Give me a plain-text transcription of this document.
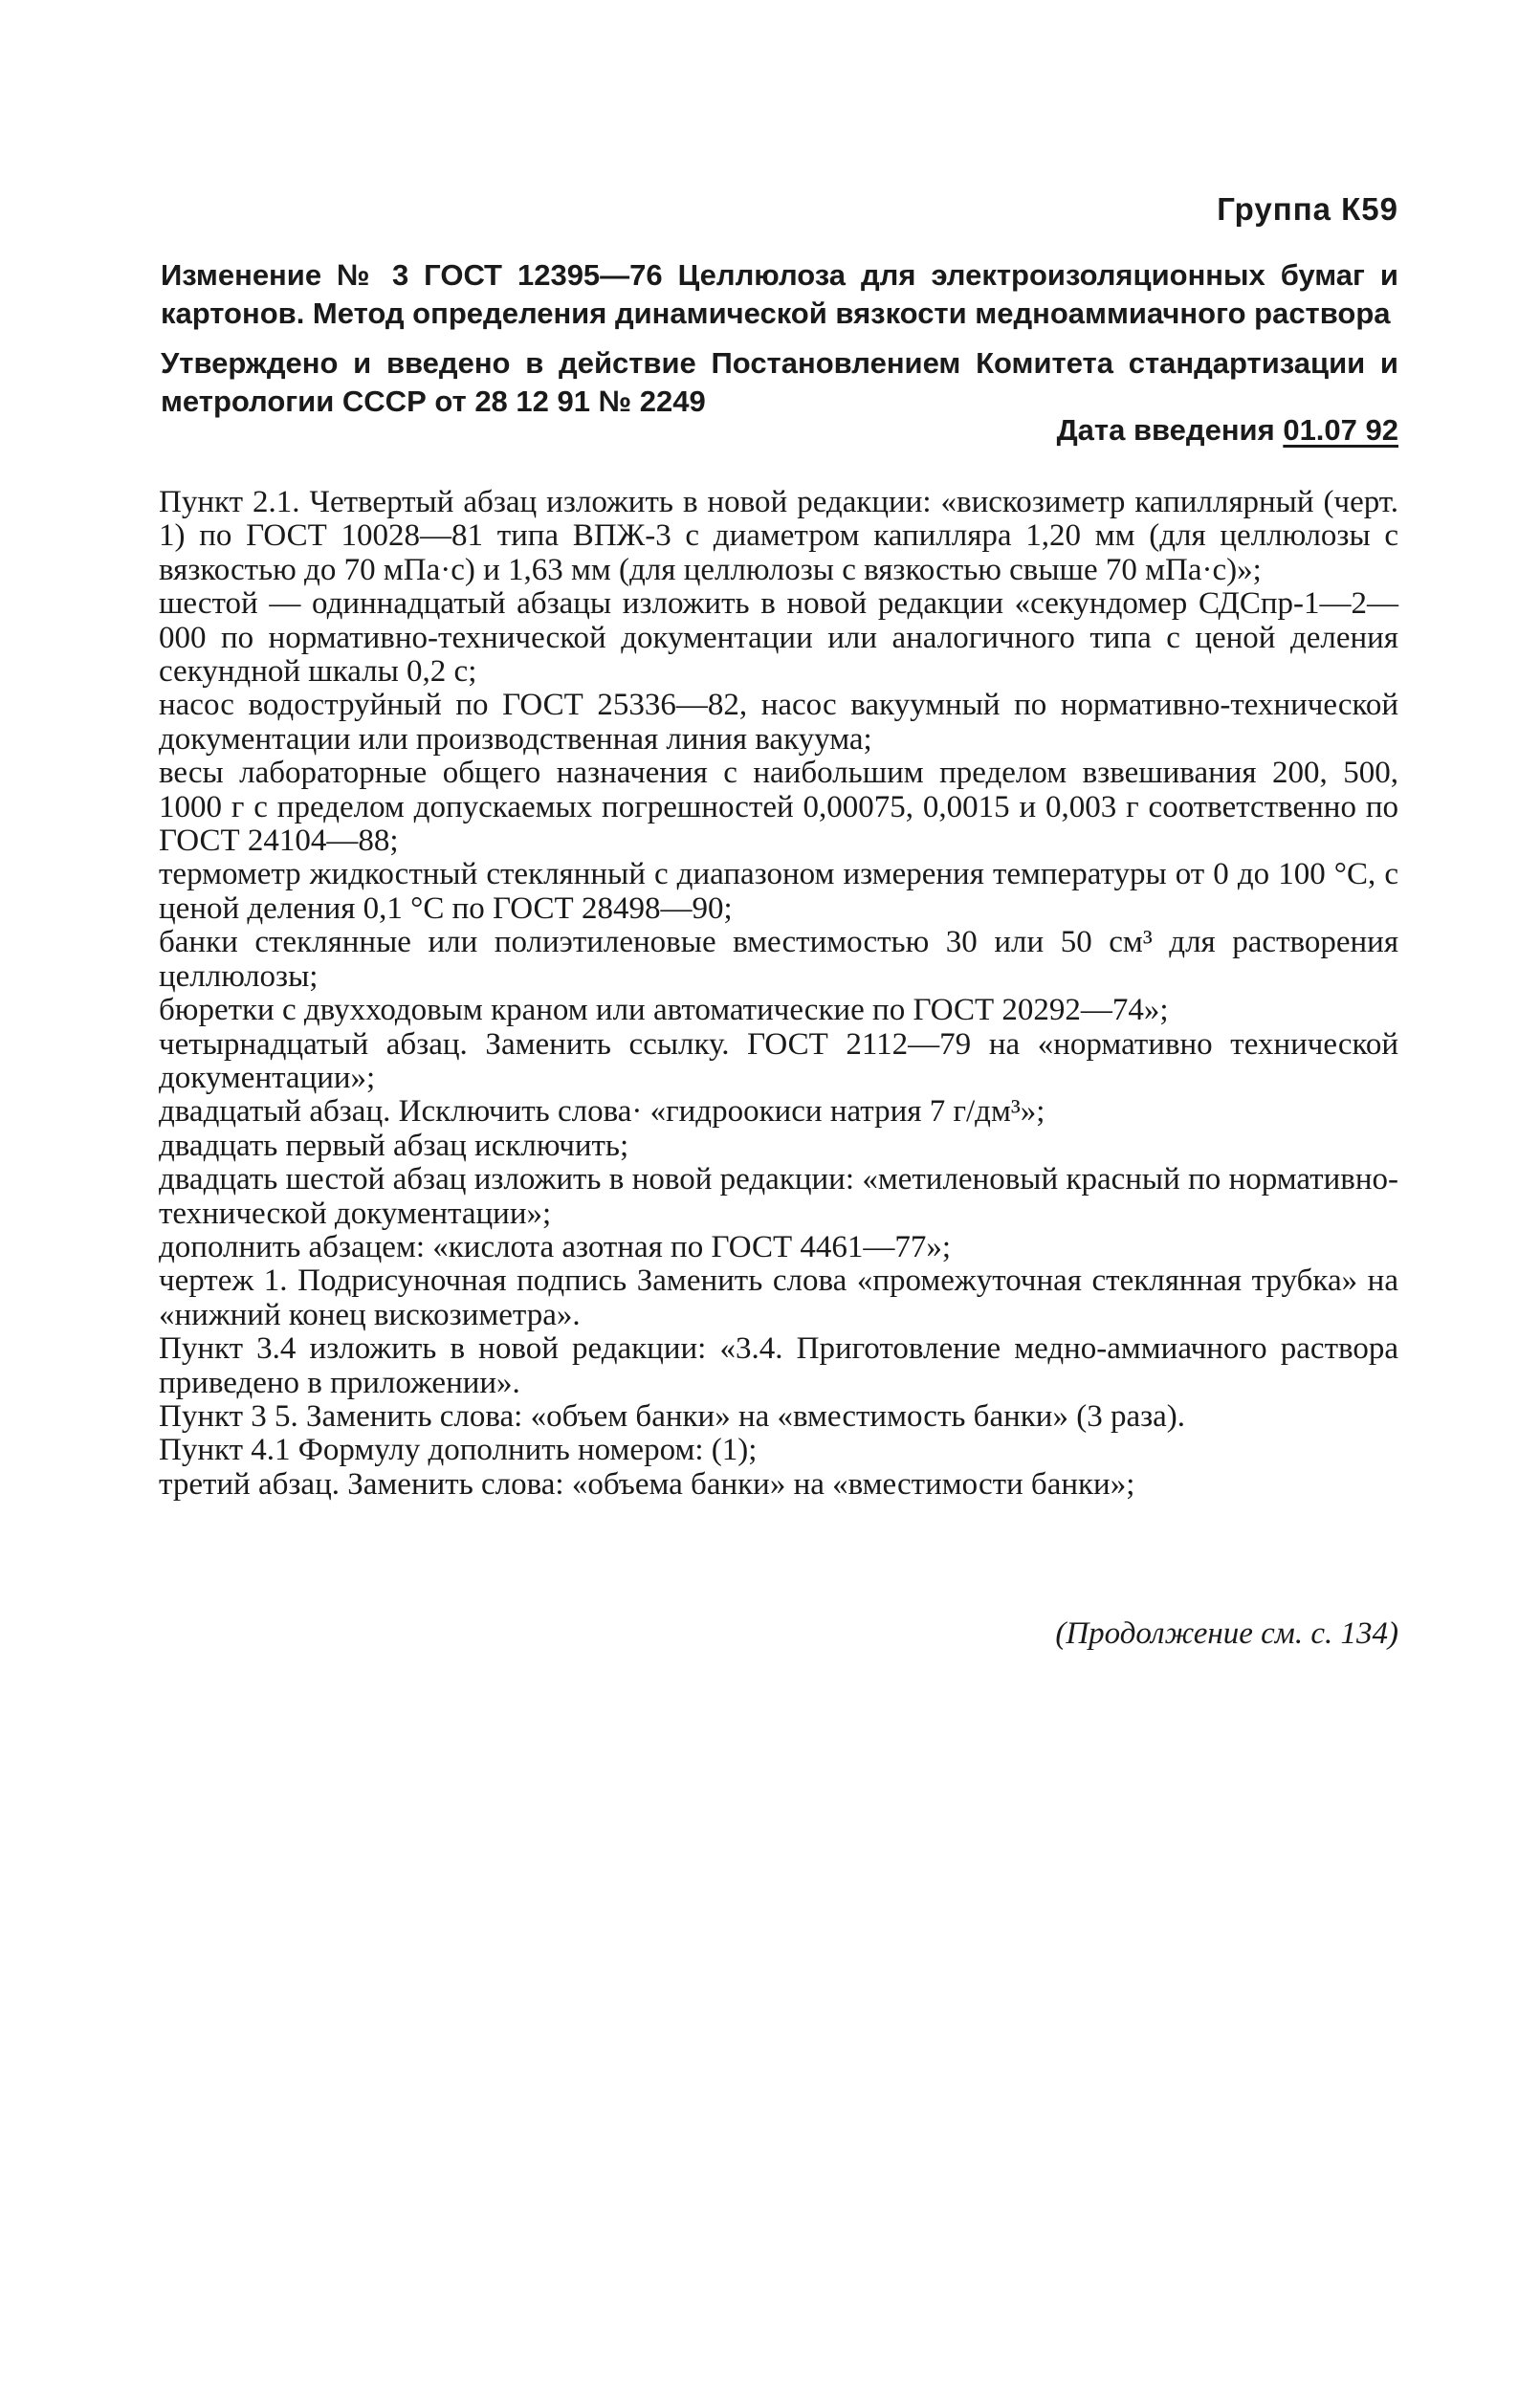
Группа К59
Изменение № 3 ГОСТ 12395—76 Целлюлоза для электроизоляционных бумаг и картонов. Метод определения динамической вязкости медноаммиачного раствора
Утверждено и введено в действие Постановлением Комитета стандартизации и метрологии СССР от 28 12 91 № 2249
Дата введения 01.07 92

Пункт 2.1. Четвертый абзац изложить в новой редакции: «вискозиметр капиллярный (черт. 1) по ГОСТ 10028—81 типа ВПЖ-3 с диаметром капилляра 1,20 мм (для целлюлозы с вязкостью до 70 мПа·с) и 1,63 мм (для целлюлозы с вязкостью свыше 70 мПа·с)»;

шестой — одиннадцатый абзацы изложить в новой редакции «секундомер СДСпр-1—2—000 по нормативно-технической документации или аналогичного типа с ценой деления секундной шкалы 0,2 с;

насос водоструйный по ГОСТ 25336—82, насос вакуумный по нормативно-технической документации или производственная линия вакуума;

весы лабораторные общего назначения с наибольшим пределом взвешивания 200, 500, 1000 г с пределом допускаемых погрешностей 0,00075, 0,0015 и 0,003 г соответственно по ГОСТ 24104—88;

термометр жидкостный стеклянный с диапазоном измерения температуры от 0 до 100 °С, с ценой деления 0,1 °С по ГОСТ 28498—90;

банки стеклянные или полиэтиленовые вместимостью 30 или 50 см³ для растворения целлюлозы;

бюретки с двухходовым краном или автоматические по ГОСТ 20292—74»;

четырнадцатый абзац. Заменить ссылку. ГОСТ 2112—79 на «нормативно технической документации»;

двадцатый абзац. Исключить слова· «гидроокиси натрия 7 г/дм³»;

двадцать первый абзац исключить;

двадцать шестой абзац изложить в новой редакции: «метиленовый красный по нормативно-технической документации»;

дополнить абзацем: «кислота азотная по ГОСТ 4461—77»;

чертеж 1. Подрисуночная подпись Заменить слова «промежуточная стеклянная трубка» на «нижний конец вискозиметра».

Пункт 3.4 изложить в новой редакции: «3.4. Приготовление медно-аммиачного раствора приведено в приложении».

Пункт 3 5. Заменить слова: «объем банки» на «вместимость банки» (3 раза).

Пункт 4.1 Формулу дополнить номером: (1);

третий абзац. Заменить слова: «объема банки» на «вместимости банки»;

(Продолжение см. с. 134)
